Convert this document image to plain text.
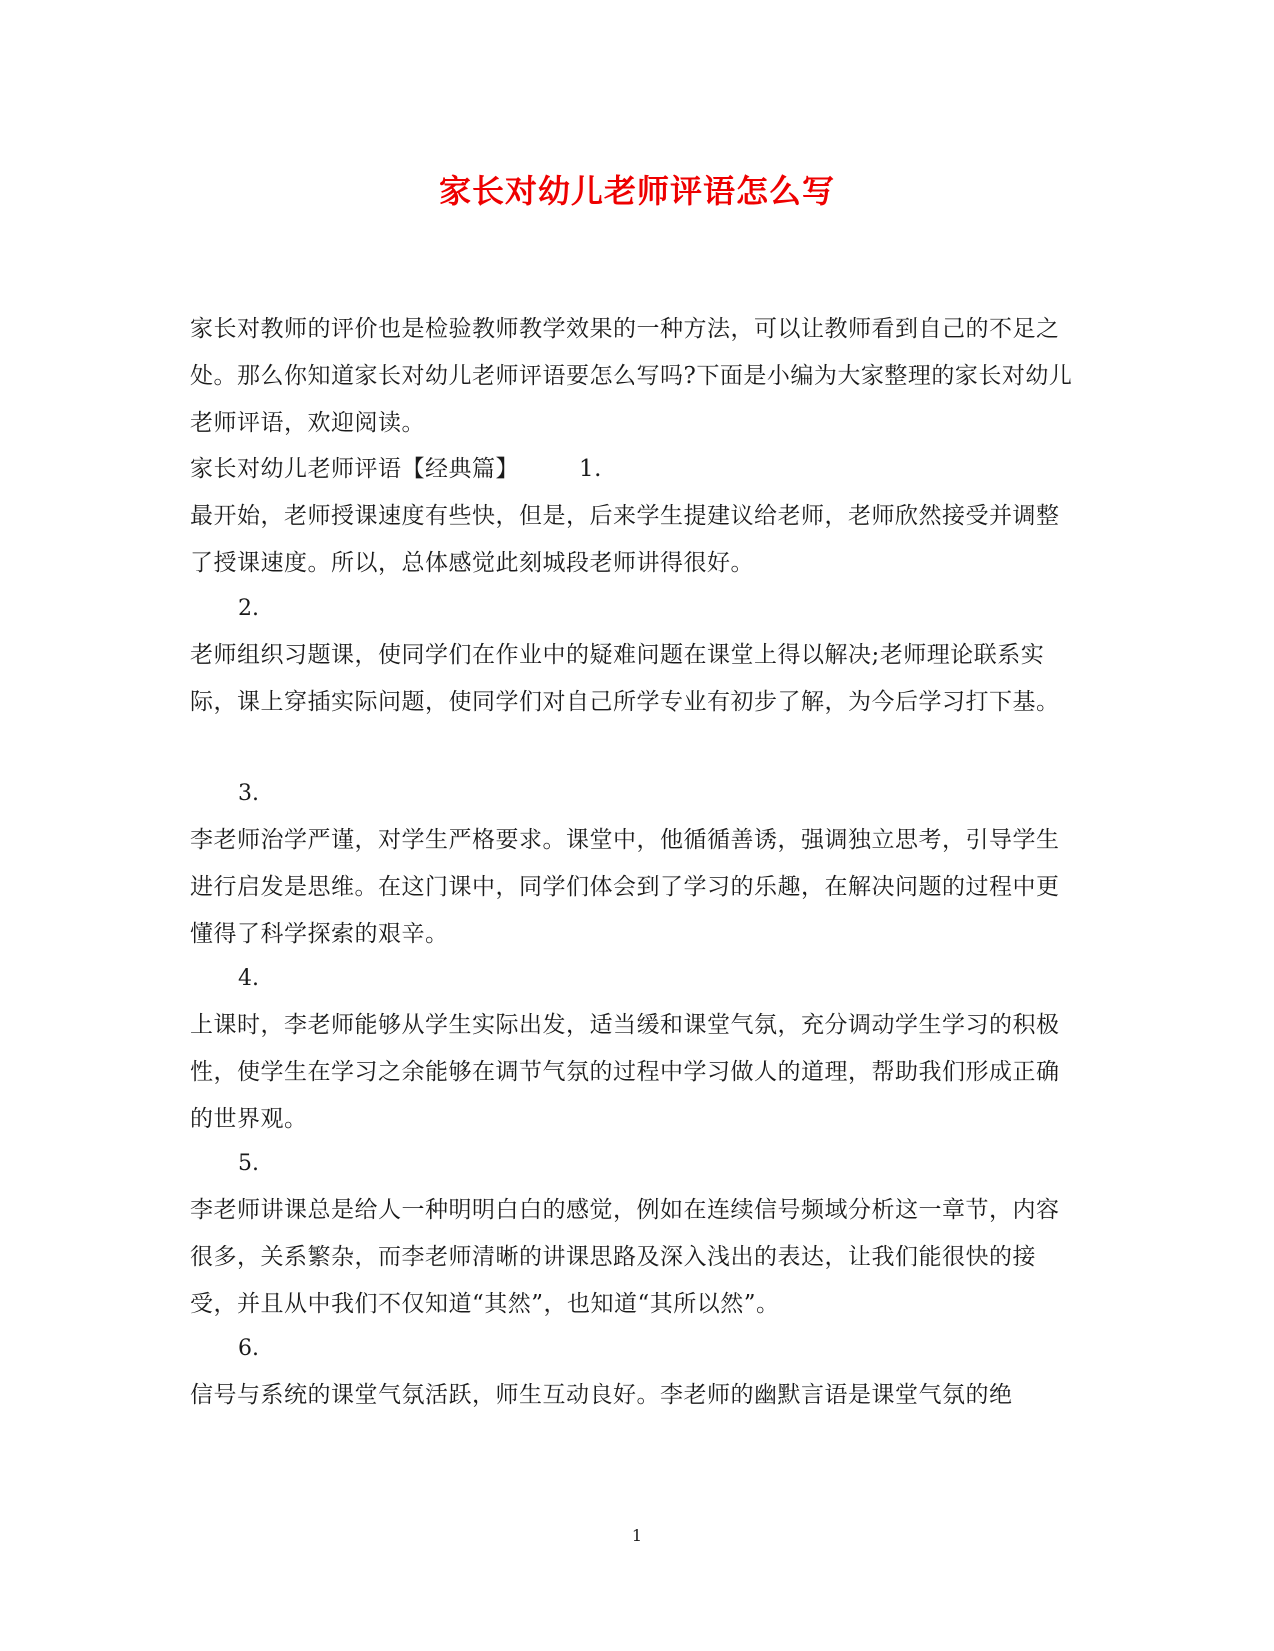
家长对幼儿老师评语怎么写

家长对教师的评价也是检验教师教学效果的一种方法，可以让教师看到自己的不足之处。那么你知道家长对幼儿老师评语要怎么写吗?下面是小编为大家整理的家长对幼儿老师评语，欢迎阅读。

家长对幼儿老师评语【经典篇】	1.

最开始，老师授课速度有些快，但是，后来学生提建议给老师，老师欣然接受并调整了授课速度。所以，总体感觉此刻城段老师讲得很好。

2.

老师组织习题课，使同学们在作业中的疑难问题在课堂上得以解决;老师理论联系实际，课上穿插实际问题，使同学们对自己所学专业有初步了解，为今后学习打下基。

3.

李老师治学严谨，对学生严格要求。课堂中，他循循善诱，强调独立思考，引导学生进行启发是思维。在这门课中，同学们体会到了学习的乐趣，在解决问题的过程中更懂得了科学探索的艰辛。

4.

上课时，李老师能够从学生实际出发，适当缓和课堂气氛，充分调动学生学习的积极性，使学生在学习之余能够在调节气氛的过程中学习做人的道理，帮助我们形成正确的世界观。

5.

李老师讲课总是给人一种明明白白的感觉，例如在连续信号频域分析这一章节，内容很多，关系繁杂，而李老师清晰的讲课思路及深入浅出的表达，让我们能很快的接受，并且从中我们不仅知道“其然”，也知道“其所以然”。

6.

信号与系统的课堂气氛活跃，师生互动良好。李老师的幽默言语是课堂气氛的绝

1
